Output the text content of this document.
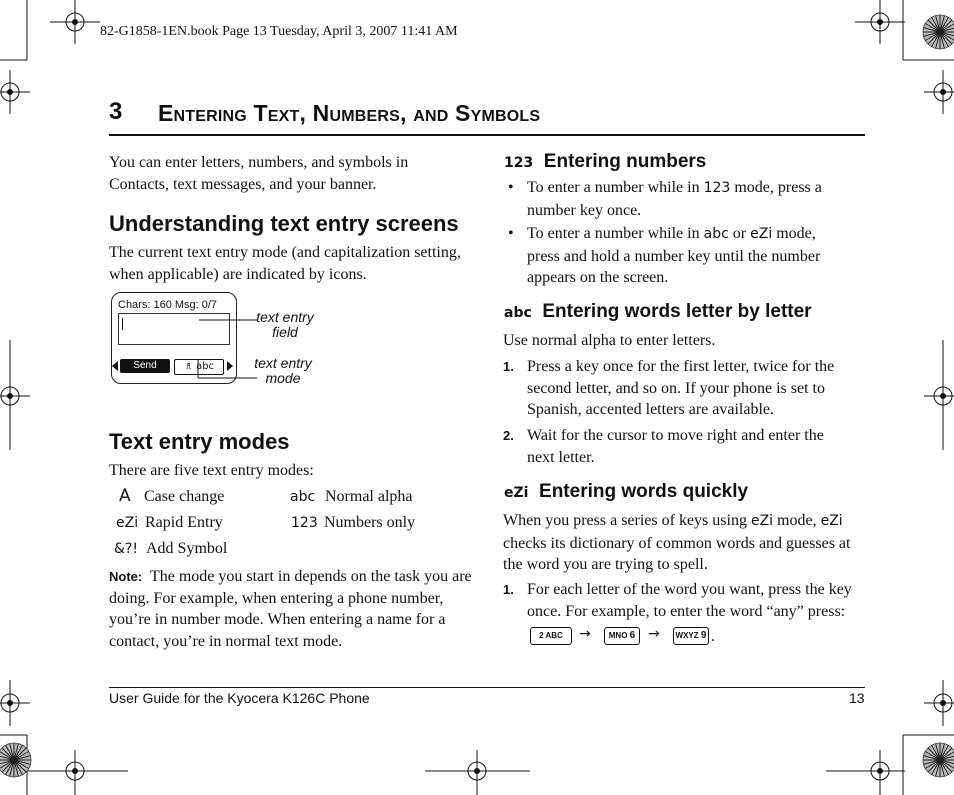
82-G1858-1EN.book Page 13 Tuesday, April 3, 2007 11:41 AM
3 Entering Text, Numbers, and Symbols
You can enter letters, numbers, and symbols in Contacts, text messages, and your banner.
Understanding text entry screens
The current text entry mode (and capitalization setting, when applicable) are indicated by icons.
Chars: 160 Msg: 0/7
Send	♗ abc
text entry field
text entry mode
Text entry modes
There are five text entry modes:
A Case change	abc Normal alpha
eZi Rapid Entry	123 Numbers only
&?! Add Symbol
Note: The mode you start in depends on the task you are doing. For example, when entering a phone number, you’re in number mode. When entering a name for a contact, you’re in normal text mode.
123 Entering numbers
• To enter a number while in 123 mode, press a number key once.
• To enter a number while in abc or eZi mode, press and hold a number key until the number appears on the screen.
abc Entering words letter by letter
Use normal alpha to enter letters.
1. Press a key once for the first letter, twice for the second letter, and so on. If your phone is set to Spanish, accented letters are available.
2. Wait for the cursor to move right and enter the next letter.
eZi Entering words quickly
When you press a series of keys using eZi mode, eZi checks its dictionary of common words and guesses at the word you are trying to spell.
1. For each letter of the word you want, press the key once. For example, to enter the word “any” press:
2 ABC	→	MNO 6 →	WXYZ 9 .
User Guide for the Kyocera K126C Phone	13
